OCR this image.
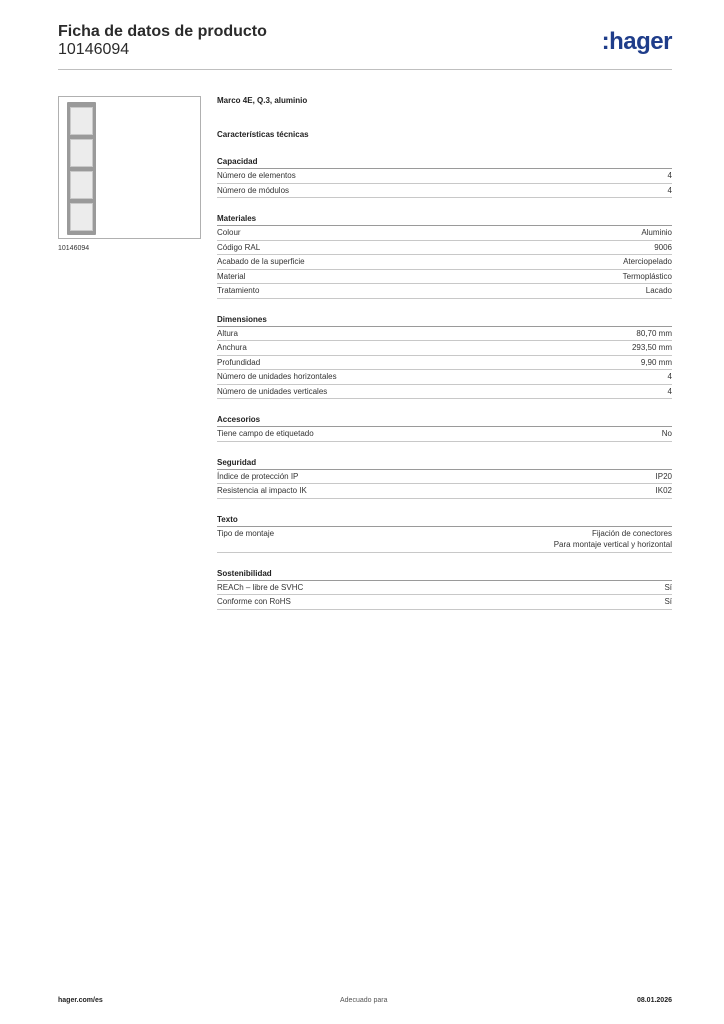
Ficha de datos de producto
10146094	:hager
10146094
Marco 4E, Q.3, aluminio
Características técnicas
Capacidad
Número de elementos	4
Número de módulos	4
Materiales
Colour	Aluminio
Código RAL	9006
Acabado de la superficie	Aterciopelado
Material	Termoplástico
Tratamiento	Lacado
Dimensiones
Altura	80,70 mm
Anchura	293,50 mm
Profundidad	9,90 mm
Número de unidades horizontales	4
Número de unidades verticales	4
Accesorios
Tiene campo de etiquetado	No
Seguridad
Índice de protección IP	IP20
Resistencia al impacto IK	IK02
Texto
Tipo de montaje	Fijación de conectores
Para montaje vertical y horizontal
Sostenibilidad
REACh – libre de SVHC	Sí
Conforme con RoHS	Sí
hager.com/es	Adecuado para	08.01.2026
